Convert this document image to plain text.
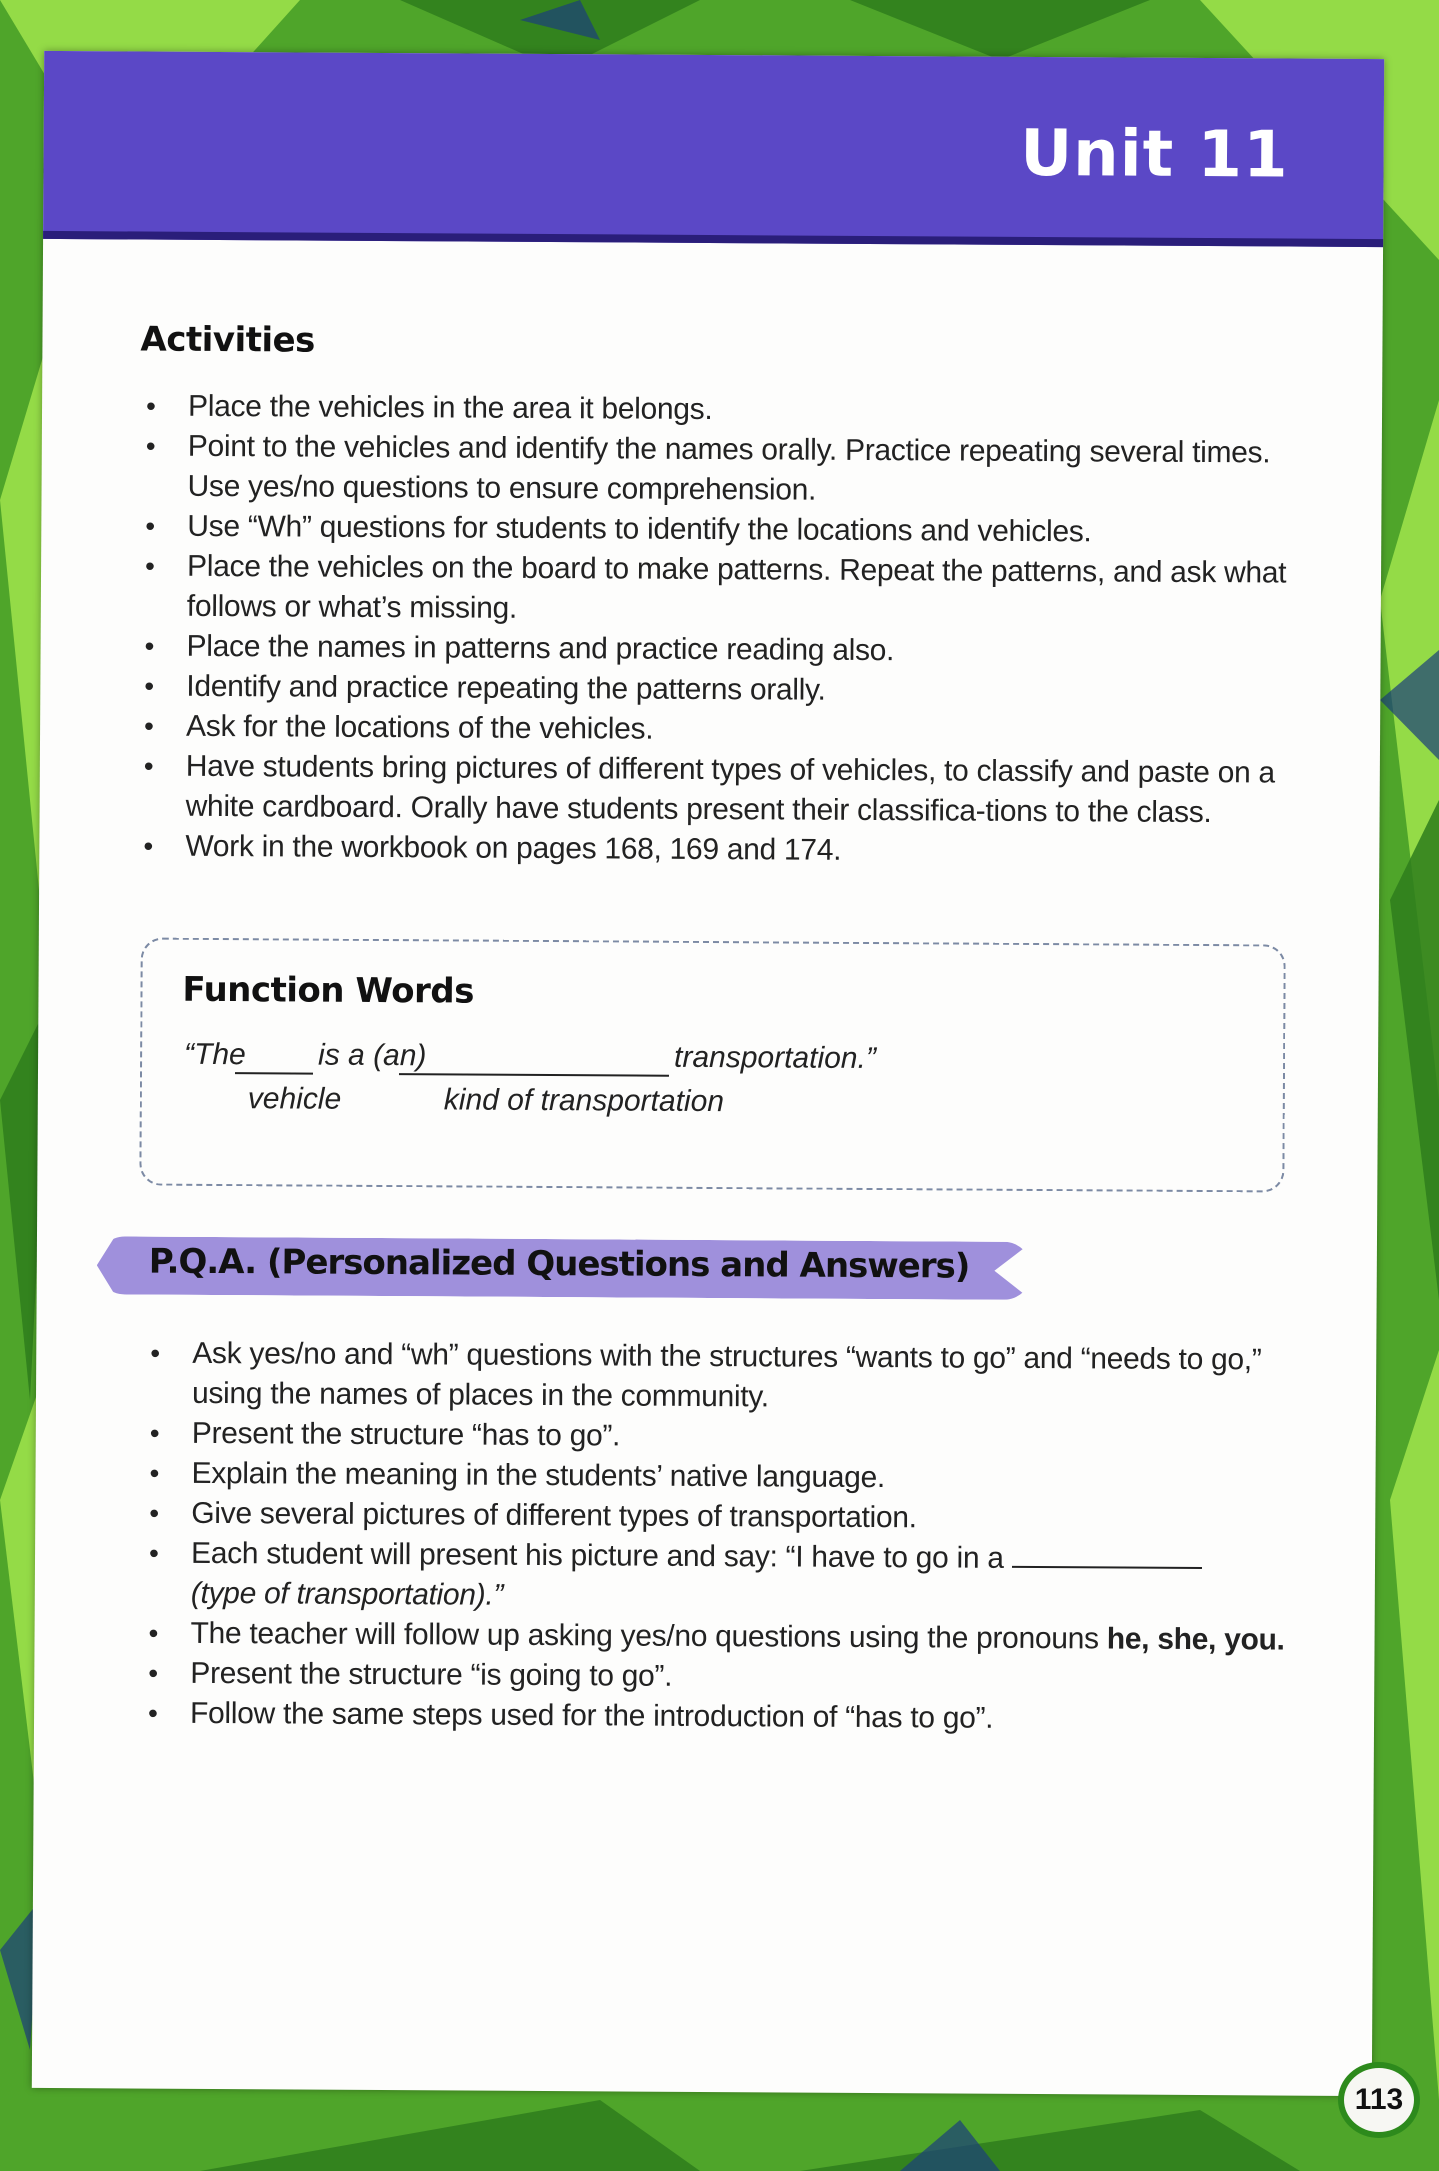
Unit 11
Activities
• Place the vehicles in the area it belongs.
• Point to the vehicles and identify the names orally. Practice repeating several times. Use yes/no questions to ensure comprehension.
• Use “Wh” questions for students to identify the locations and vehicles.
• Place the vehicles on the board to make patterns. Repeat the patterns, and ask what follows or what’s missing.
• Place the names in patterns and practice reading also.
• Identify and practice repeating the patterns orally.
• Ask for the locations of the vehicles.
• Have students bring pictures of different types of vehicles, to classify and paste on a white cardboard. Orally have students present their classifica-tions to the class.
• Work in the workbook on pages 168, 169 and 174.
Function Words
“The is a (an)	transportation.”
vehicle	kind of transportation
P.Q.A. (Personalized Questions and Answers)
• Ask yes/no and “wh” questions with the structures “wants to go” and “needs to go,” using the names of places in the community.
• Present the structure “has to go”.
• Explain the meaning in the students’ native language.
• Give several pictures of different types of transportation.
• Each student will present his picture and say: “I have to go in a
(type of transportation).”
• The teacher will follow up asking yes/no questions using the pronouns he, she, you.
• Present the structure “is going to go”.
• Follow the same steps used for the introduction of “has to go”.
113
